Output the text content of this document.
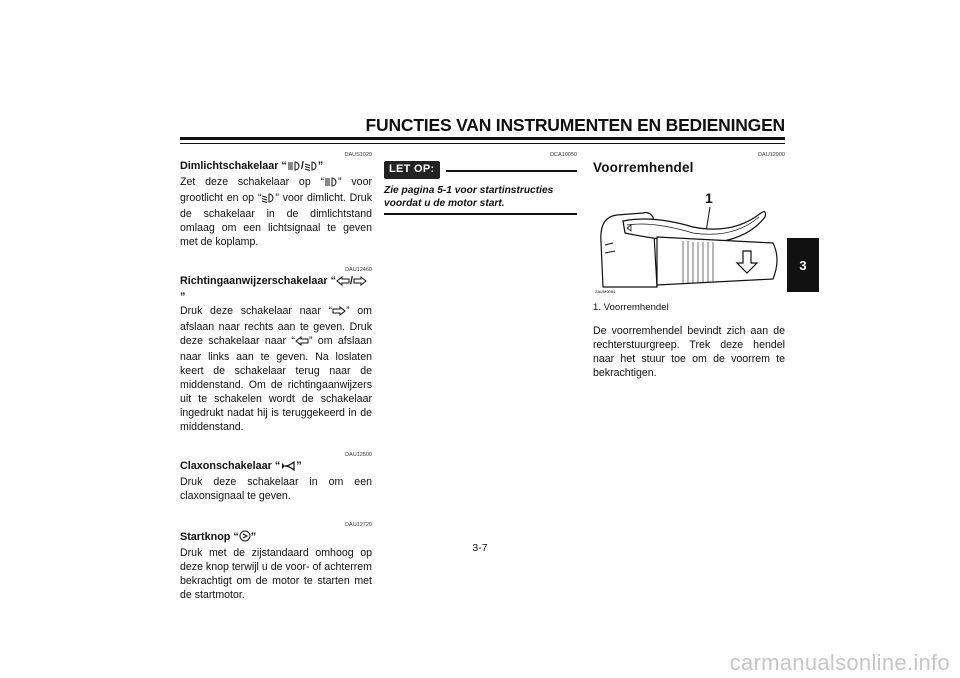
FUNCTIES VAN INSTRUMENTEN EN BEDIENINGEN
3
DAUS1020
Dimlichtschakelaar “ / ”
Zet deze schakelaar op “ ” voor grootlicht en op “ ” voor dimlicht. Druk de schakelaar in de dimlichtstand omlaag om een lichtsignaal te geven met de koplamp.
DAU12460
Richtingaanwijzerschakelaar “ /”
Druk deze schakelaar naar “ ” om afslaan naar rechts aan te geven. Druk deze schakelaar naar “ ” om afslaan naar links aan te geven. Na loslaten keert de schakelaar terug naar de middenstand. Om de richtingaanwijzers uit te schakelen wordt de schakelaar ingedrukt nadat hij is teruggekeerd in de middenstand.
DAU12500
Claxonschakelaar “ ”
Druk deze schakelaar in om een claxonsignaal te geven.
DAU12720
Startknop “ ”
Druk met de zijstandaard omhoog op deze knop terwijl u de voor- of achterrem bekrachtigt om de motor te starten met de startmotor.
DCA10050
LET OP:
Zie pagina 5-1 voor startinstructies voordat u de motor start.
DAU12900
Voorremhendel
1
ZAUM0084
1. Voorremhendel
De voorremhendel bevindt zich aan de rechterstuurgreep. Trek deze hendel naar het stuur toe om de voorrem te bekrachtigen.
3-7
carmanualsonline.info
